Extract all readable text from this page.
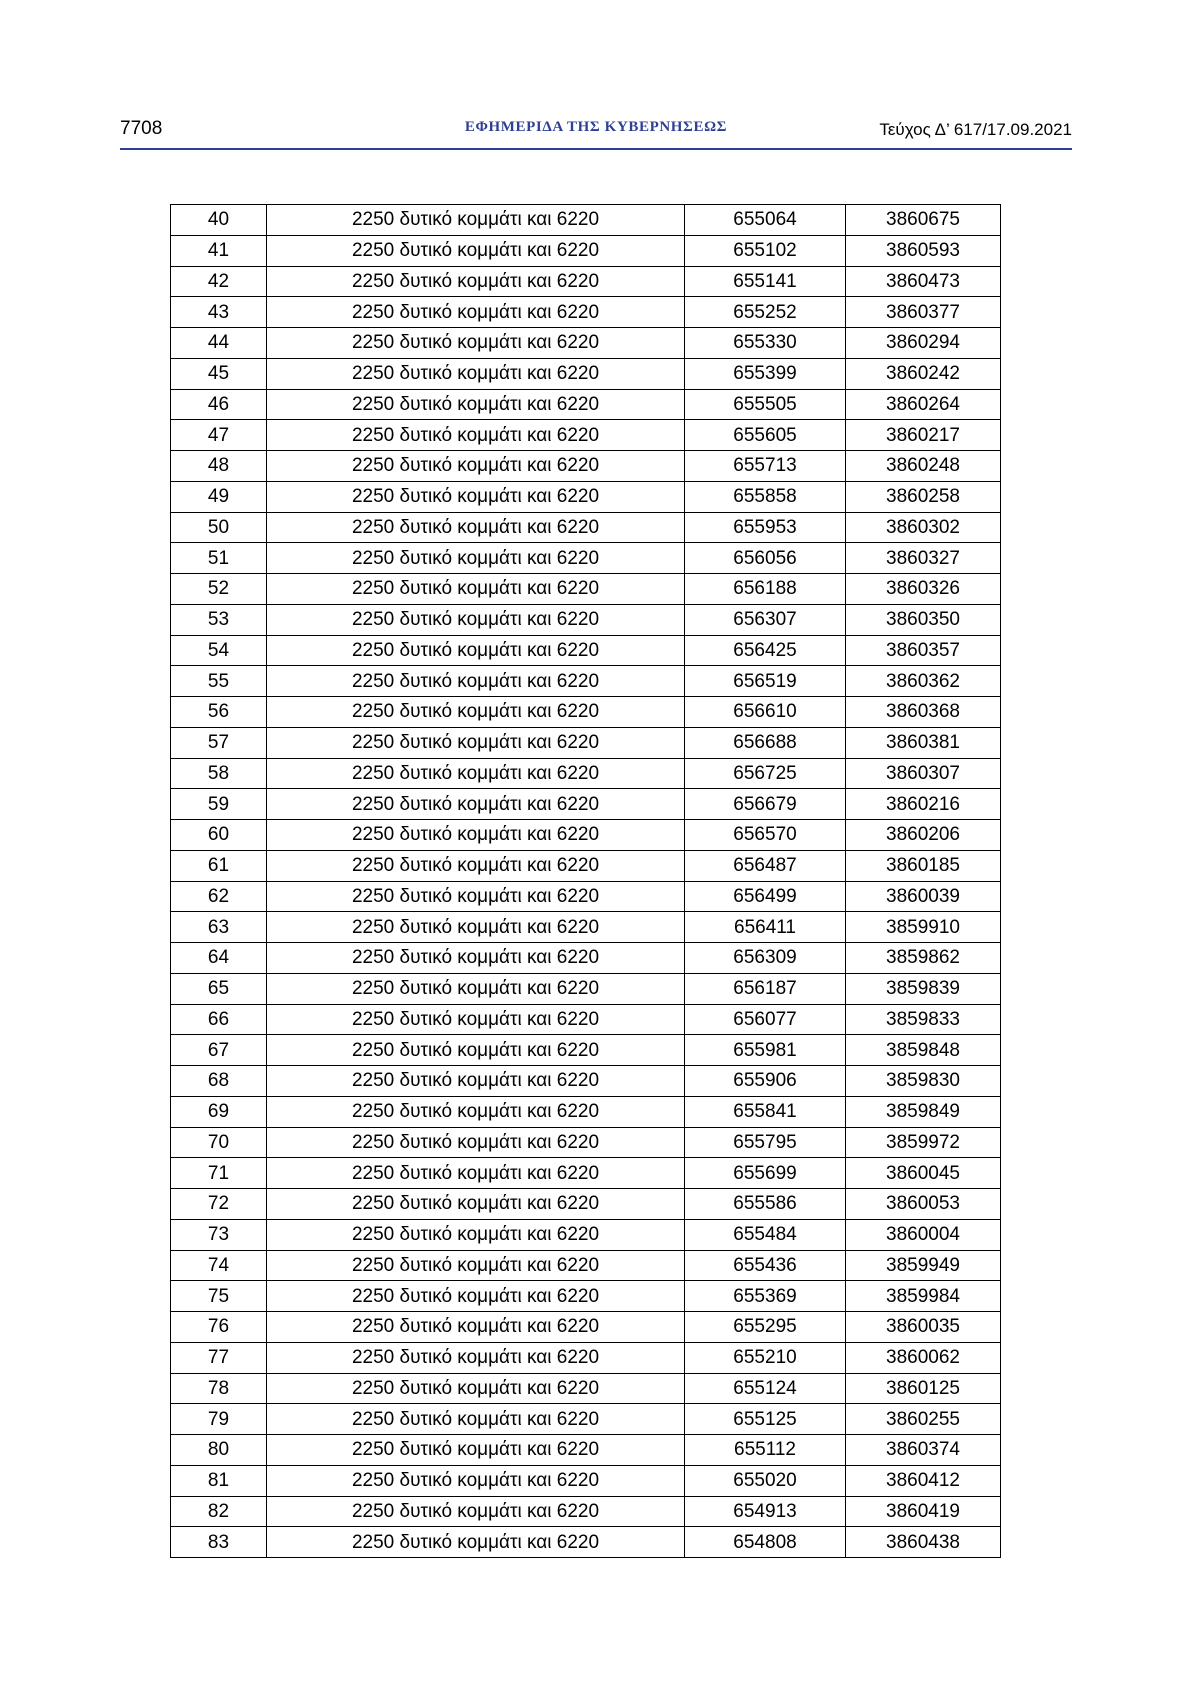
7708	ΕΦΗΜΕΡΙΔΑ ΤΗΣ ΚΥΒΕΡΝΗΣΕΩΣ	Τεύχος Δ’ 617/17.09.2021
40	2250 δυτικό κομμάτι και 6220	655064	3860675
41	2250 δυτικό κομμάτι και 6220	655102	3860593
42	2250 δυτικό κομμάτι και 6220	655141	3860473
43	2250 δυτικό κομμάτι και 6220	655252	3860377
44	2250 δυτικό κομμάτι και 6220	655330	3860294
45	2250 δυτικό κομμάτι και 6220	655399	3860242
46	2250 δυτικό κομμάτι και 6220	655505	3860264
47	2250 δυτικό κομμάτι και 6220	655605	3860217
48	2250 δυτικό κομμάτι και 6220	655713	3860248
49	2250 δυτικό κομμάτι και 6220	655858	3860258
50	2250 δυτικό κομμάτι και 6220	655953	3860302
51	2250 δυτικό κομμάτι και 6220	656056	3860327
52	2250 δυτικό κομμάτι και 6220	656188	3860326
53	2250 δυτικό κομμάτι και 6220	656307	3860350
54	2250 δυτικό κομμάτι και 6220	656425	3860357
55	2250 δυτικό κομμάτι και 6220	656519	3860362
56	2250 δυτικό κομμάτι και 6220	656610	3860368
57	2250 δυτικό κομμάτι και 6220	656688	3860381
58	2250 δυτικό κομμάτι και 6220	656725	3860307
59	2250 δυτικό κομμάτι και 6220	656679	3860216
60	2250 δυτικό κομμάτι και 6220	656570	3860206
61	2250 δυτικό κομμάτι και 6220	656487	3860185
62	2250 δυτικό κομμάτι και 6220	656499	3860039
63	2250 δυτικό κομμάτι και 6220	656411	3859910
64	2250 δυτικό κομμάτι και 6220	656309	3859862
65	2250 δυτικό κομμάτι και 6220	656187	3859839
66	2250 δυτικό κομμάτι και 6220	656077	3859833
67	2250 δυτικό κομμάτι και 6220	655981	3859848
68	2250 δυτικό κομμάτι και 6220	655906	3859830
69	2250 δυτικό κομμάτι και 6220	655841	3859849
70	2250 δυτικό κομμάτι και 6220	655795	3859972
71	2250 δυτικό κομμάτι και 6220	655699	3860045
72	2250 δυτικό κομμάτι και 6220	655586	3860053
73	2250 δυτικό κομμάτι και 6220	655484	3860004
74	2250 δυτικό κομμάτι και 6220	655436	3859949
75	2250 δυτικό κομμάτι και 6220	655369	3859984
76	2250 δυτικό κομμάτι και 6220	655295	3860035
77	2250 δυτικό κομμάτι και 6220	655210	3860062
78	2250 δυτικό κομμάτι και 6220	655124	3860125
79	2250 δυτικό κομμάτι και 6220	655125	3860255
80	2250 δυτικό κομμάτι και 6220	655112	3860374
81	2250 δυτικό κομμάτι και 6220	655020	3860412
82	2250 δυτικό κομμάτι και 6220	654913	3860419
83	2250 δυτικό κομμάτι και 6220	654808	3860438
